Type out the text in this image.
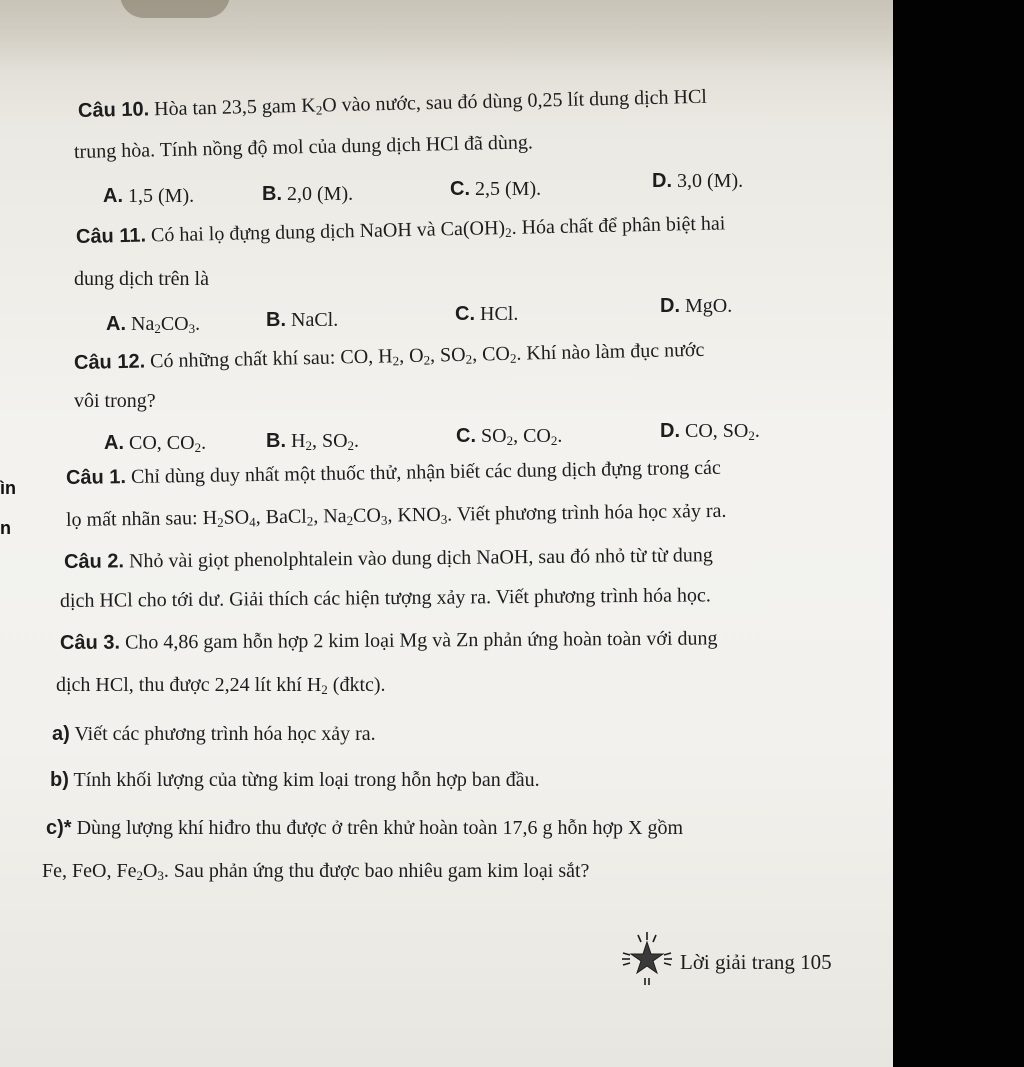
Câu 10. Hòa tan 23,5 gam $K_2O$ vào nước, sau đó dùng 0,25 lít dung dịch HCl
trung hòa. Tính nồng độ mol của dung dịch HCl đã dùng.
A. 1,5 (M).	B. 2,0 (M).	C. 2,5 (M).	D. 3,0 (M).
Câu 11. Có hai lọ đựng dung dịch NaOH và $Ca(OH)_2$. Hóa chất để phân biệt hai
dung dịch trên là
A. $Na_2CO_3$.	B. NaCl.	C. HCl.	D. MgO.
Câu 12. Có những chất khí sau: CO, $H_2$, $O_2$, $SO_2$, $CO_2$. Khí nào làm đục nước
vôi trong?
A. CO, $CO_2$.	B. $H_2$, $SO_2$.	C. $SO_2$, $CO_2$.	D. CO, $SO_2$.
ìn
n
Câu 1. Chỉ dùng duy nhất một thuốc thử, nhận biết các dung dịch đựng trong các
lọ mất nhãn sau: $H_2SO_4$, BaCl$_2$, $Na_2CO_3$, $KNO_3$. Viết phương trình hóa học xảy ra.
Câu 2. Nhỏ vài giọt phenolphtalein vào dung dịch NaOH, sau đó nhỏ từ từ dung
dịch HCl cho tới dư. Giải thích các hiện tượng xảy ra. Viết phương trình hóa học.
Câu 3. Cho 4,86 gam hỗn hợp 2 kim loại Mg và Zn phản ứng hoàn toàn với dung
dịch HCl, thu được 2,24 lít khí $H_2$ (đktc).
a) Viết các phương trình hóa học xảy ra.
b) Tính khối lượng của từng kim loại trong hỗn hợp ban đầu.
c)* Dùng lượng khí hiđro thu được ở trên khử hoàn toàn 17,6 g hỗn hợp X gồm
Fe, FeO, $Fe_2O_3$. Sau phản ứng thu được bao nhiêu gam kim loại sắt?
Lời giải trang 105
